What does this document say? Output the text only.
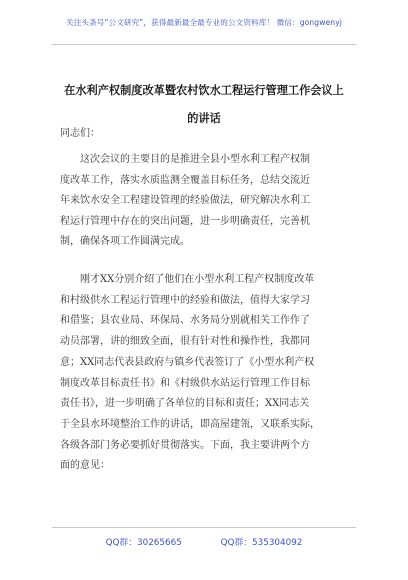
关注头条号“公文研究”，获得最新最全最专业的公文资料库！ 微信：gongwenyj
在水利产权制度改革暨农村饮水工程运行管理工作会议上
的讲话
同志们：
　　这次会议的主要目的是推进全县小型水利工程产权制
度改革工作，落实水质监测全覆盖目标任务，总结交流近
年来饮水安全工程建设管理的经验做法，研究解决水利工
程运行管理中存在的突出问题，进一步明确责任，完善机
制，确保各项工作圆满完成。
　　刚才XX分别介绍了他们在小型水利工程产权制度改革
和村级供水工程运行管理中的经验和做法，值得大家学习
和借鉴；县农业局、环保局、水务局分别就相关工作作了
动员部署，讲的细致全面，很有针对性和操作性，我都同
意；XX同志代表县政府与镇乡代表签订了《小型水利产权
制度改革目标责任书》和《村级供水站运行管理工作目标
责任书》，进一步明确了各单位的目标和责任；XX同志关
于全县水环境整治工作的讲话，即高屋建瓴，又联系实际，
各级各部门务必要抓好贯彻落实。下面，我主要讲两个方
面的意见：
QQ群：30265665	QQ群：535304092
